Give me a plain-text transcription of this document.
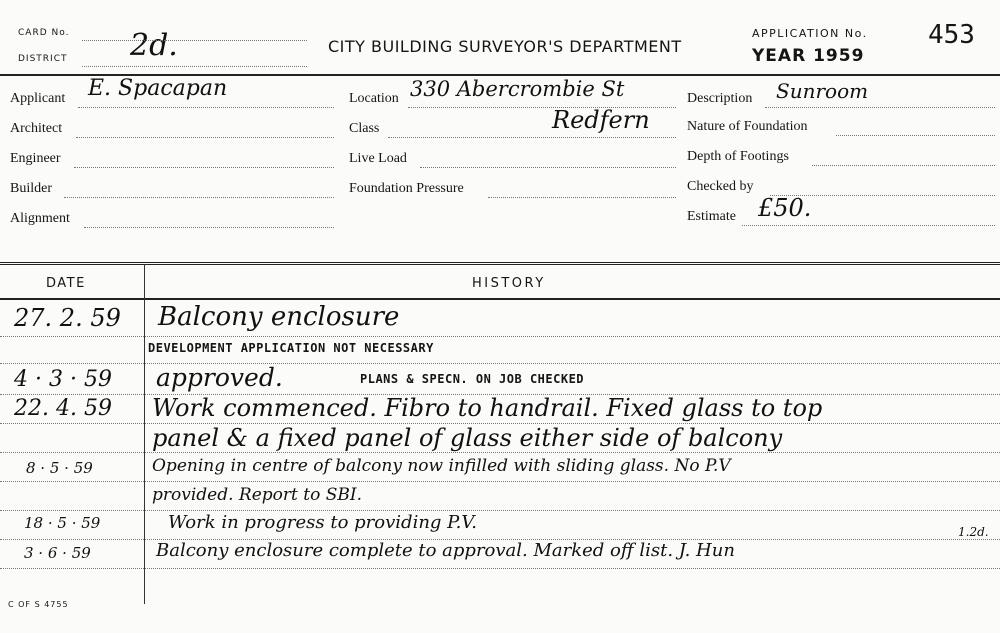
CARD No.
DISTRICT 2d.	CITY BUILDING SURVEYOR'S DEPARTMENT
APPLICATION No. 453
YEAR 1959
Applicant E. Spacapan
Architect
Engineer
Builder
Alignment
Location 330 Abercrombie St
Class	Redfern
Live Load
Foundation Pressure
Description Sunroom
Nature of Foundation
Depth of Footings
Checked by
Estimate £50.
DATE	HISTORY
27. 2. 59 Balcony enclosure
DEVELOPMENT APPLICATION NOT NECESSARY
4 · 3 · 59 approved.	PLANS & SPECN. ON JOB CHECKED
22. 4. 59 Work commenced. Fibro to handrail. Fixed glass to top
panel & a fixed panel of glass either side of balcony
8 · 5 · 59	Opening in centre of balcony now infilled with sliding glass. No P.V
provided. Report to SBI.
18 · 5 · 59	Work in progress to providing P.V.
3 · 6 · 59	Balcony enclosure complete to approval. Marked off list. J. Hun
1.2d.
C OF S 4755
